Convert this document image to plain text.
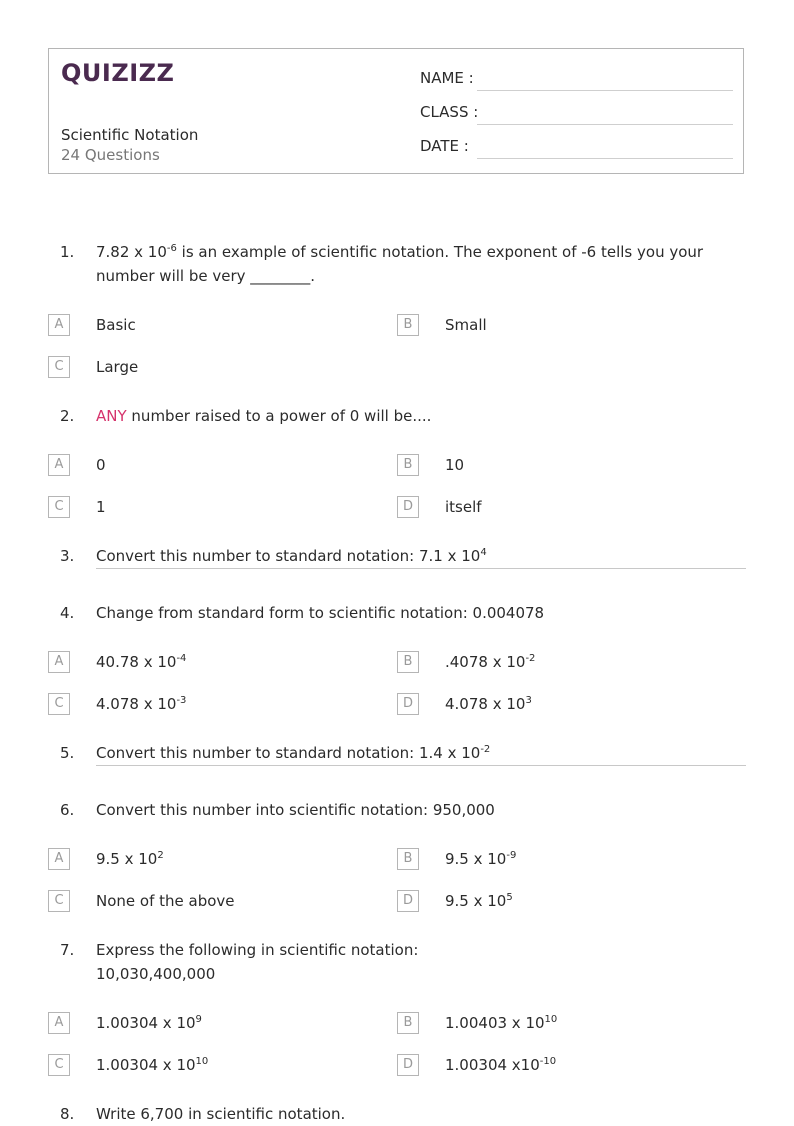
QUIZIZZ
Scientific Notation
24 Questions
NAME :
CLASS :
DATE :
1.	7.82 x $10^{-6}$ is an example of scientific notation. The exponent of -6 tells you your number will be very ________.
A	Basic	B	Small
C	Large
2.	ANY number raised to a power of 0 will be....
A	0	B	10
C	1	D	itself
3.	Convert this number to standard notation: 7.1 x $10^4$
4.	Change from standard form to scientific notation: 0.004078
A	40.78 x $10^{-4}$	B	.4078 x $10^{-2}$
C	4.078 x $10^{-3}$	D	4.078 x $10^3$
5.	Convert this number to standard notation: 1.4 x $10^{-2}$
6.	Convert this number into scientific notation: 950,000
A	9.5 x $10^2$	B	9.5 x $10^{-9}$
C	None of the above	D	9.5 x $10^5$
7.	Express the following in scientific notation:
10,030,400,000
A	1.00304 x $10^9$	B	1.00403 x $10^{10}$
C	1.00304 x $10^{10}$	D	1.00304 $x10^{-10}$
8.	Write 6,700 in scientific notation.
